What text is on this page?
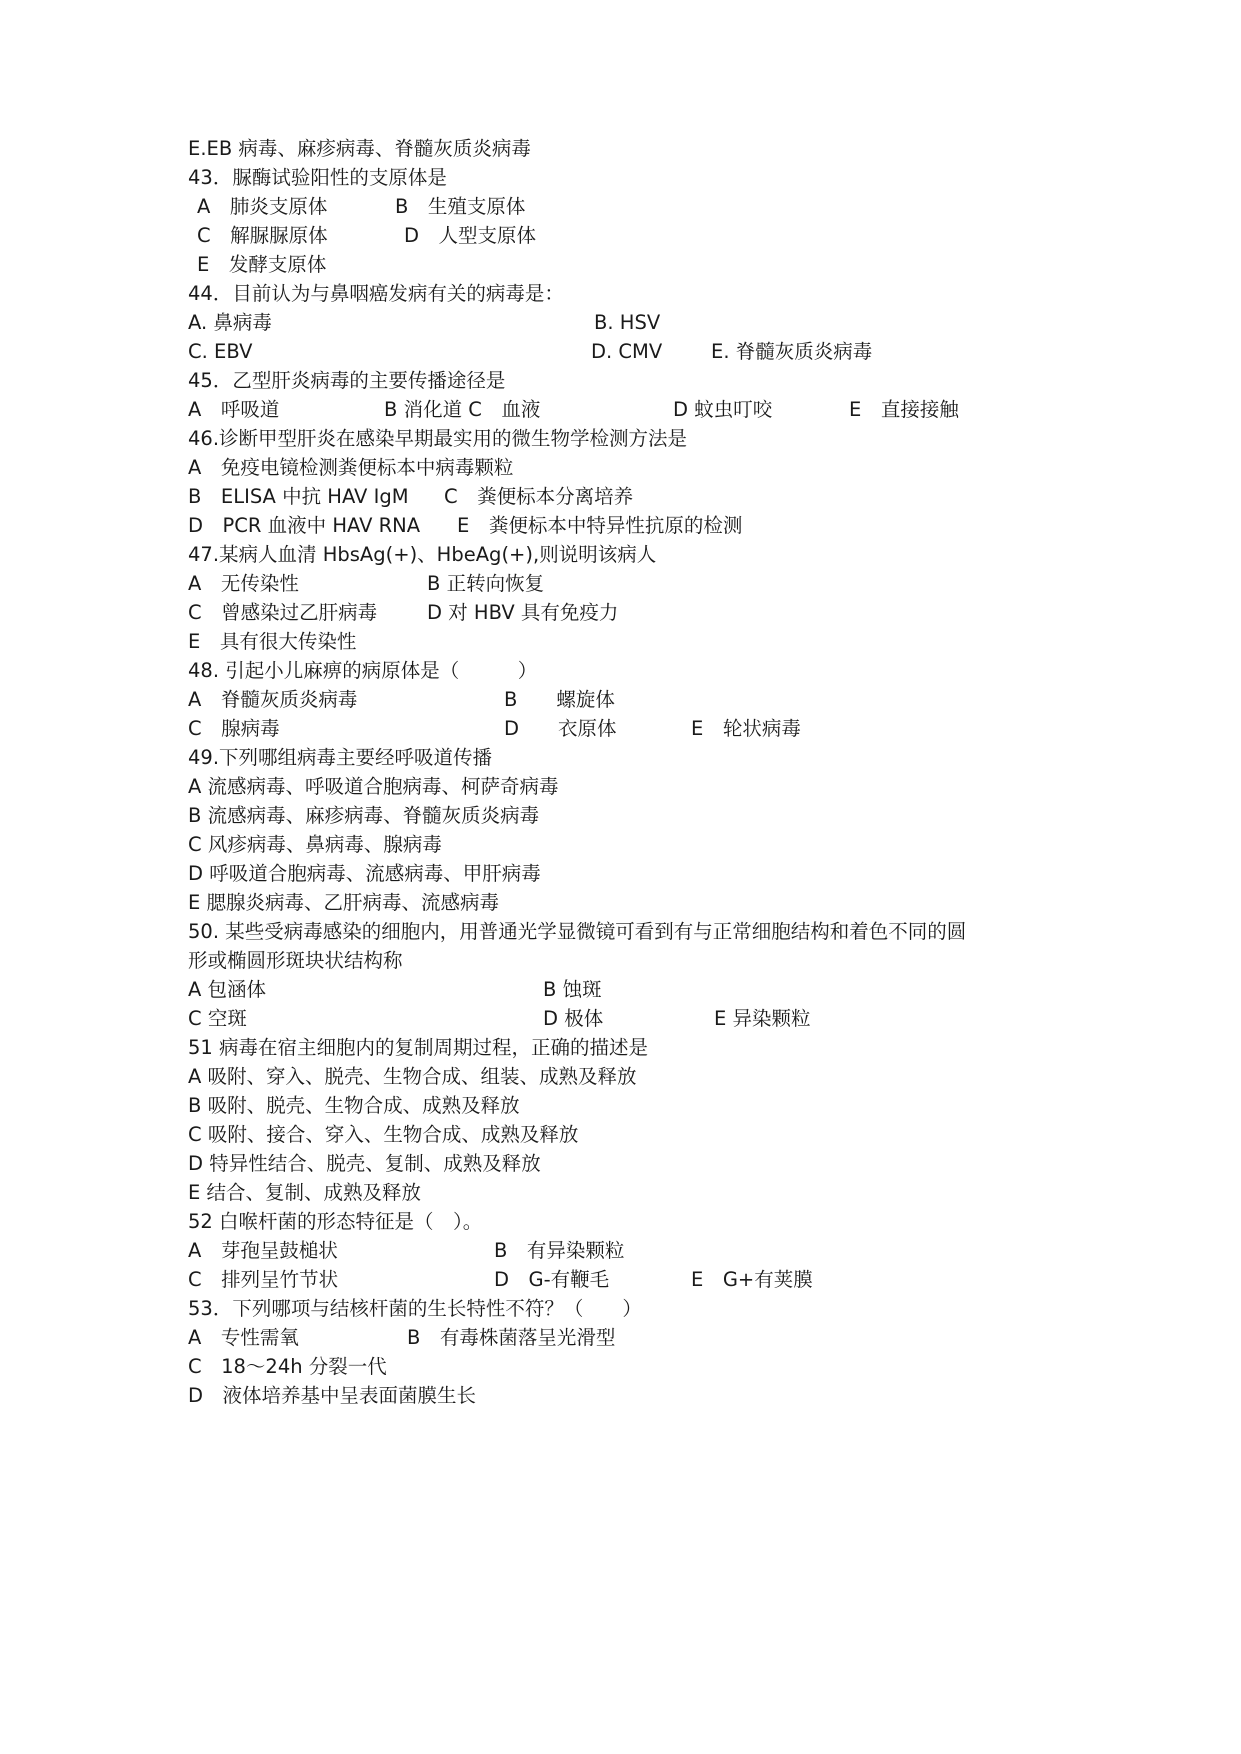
E.EB 病毒、麻疹病毒、脊髓灰质炎病毒
43．脲酶试验阳性的支原体是
A　肺炎支原体	B　生殖支原体
C　解脲脲原体	D　人型支原体
E　发酵支原体
44．目前认为与鼻咽癌发病有关的病毒是：
A. 鼻病毒	B. HSV
C. EBV	D. CMV	E. 脊髓灰质炎病毒
45．乙型肝炎病毒的主要传播途径是
A　呼吸道	B 消化道 C　血液	D 蚊虫叮咬	E　直接接触
46.诊断甲型肝炎在感染早期最实用的微生物学检测方法是
A　免疫电镜检测粪便标本中病毒颗粒
B　ELISA 中抗 HAV IgM C　粪便标本分离培养
D　PCR 血液中 HAV RNA E　粪便标本中特异性抗原的检测
47.某病人血清 HbsAg(+)、HbeAg(+),则说明该病人
A　无传染性	B 正转向恢复
C　曾感染过乙肝病毒	D 对 HBV 具有免疫力
E　具有很大传染性
48. 引起小儿麻痹的病原体是（　　　）
A　脊髓灰质炎病毒	B　　螺旋体
C　腺病毒	D　　衣原体	E　轮状病毒
49.下列哪组病毒主要经呼吸道传播
A 流感病毒、呼吸道合胞病毒、柯萨奇病毒
B 流感病毒、麻疹病毒、脊髓灰质炎病毒
C 风疹病毒、鼻病毒、腺病毒
D 呼吸道合胞病毒、流感病毒、甲肝病毒
E 腮腺炎病毒、乙肝病毒、流感病毒
50. 某些受病毒感染的细胞内，用普通光学显微镜可看到有与正常细胞结构和着色不同的圆
形或椭圆形斑块状结构称
A 包涵体	B 蚀斑
C 空斑	D 极体	E 异染颗粒
51 病毒在宿主细胞内的复制周期过程，正确的描述是
A 吸附、穿入、脱壳、生物合成、组装、成熟及释放
B 吸附、脱壳、生物合成、成熟及释放
C 吸附、接合、穿入、生物合成、成熟及释放
D 特异性结合、脱壳、复制、成熟及释放
E 结合、复制、成熟及释放
52 白喉杆菌的形态特征是（　）。
A　芽孢呈鼓槌状	B　有异染颗粒
C　排列呈竹节状	D　G-有鞭毛	E　G+有荚膜
53．下列哪项与结核杆菌的生长特性不符？（　　）
A　专性需氧	B　有毒株菌落呈光滑型
C　18～24h 分裂一代
D　液体培养基中呈表面菌膜生长
